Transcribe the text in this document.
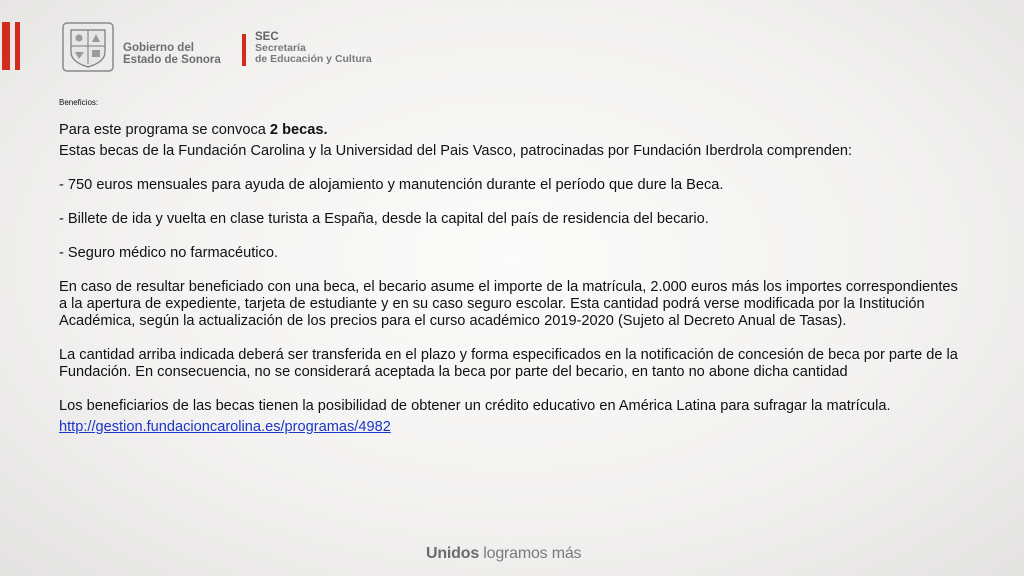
Gobierno del
Estado de Sonora
SEC
Secretaría
de Educación y Cultura
Beneficios:

Para este programa se convoca 2 becas.

Estas becas de la Fundación Carolina y la Universidad del Pais Vasco, patrocinadas por Fundación Iberdrola comprenden:

- 750 euros mensuales para ayuda de alojamiento y manutención durante el período que dure la Beca.

- Billete de ida y vuelta en clase turista a España, desde la capital del país de residencia del becario.

- Seguro médico no farmacéutico.

En caso de resultar beneficiado con una beca, el becario asume el importe de la matrícula, 2.000 euros más los importes correspondientes a la apertura de expediente, tarjeta de estudiante y en su caso seguro escolar. Esta cantidad podrá verse modificada por la Institución Académica, según la actualización de los precios para el curso académico 2019-2020 (Sujeto al Decreto Anual de Tasas).

La cantidad arriba indicada deberá ser transferida en el plazo y forma especificados en la notificación de concesión de beca por parte de la Fundación. En consecuencia, no se considerará aceptada la beca por parte del becario, en tanto no abone dicha cantidad

Los beneficiarios de las becas tienen la posibilidad de obtener un crédito educativo en América Latina para sufragar la matrícula.

http://gestion.fundacioncarolina.es/programas/4982

Unidos logramos más
